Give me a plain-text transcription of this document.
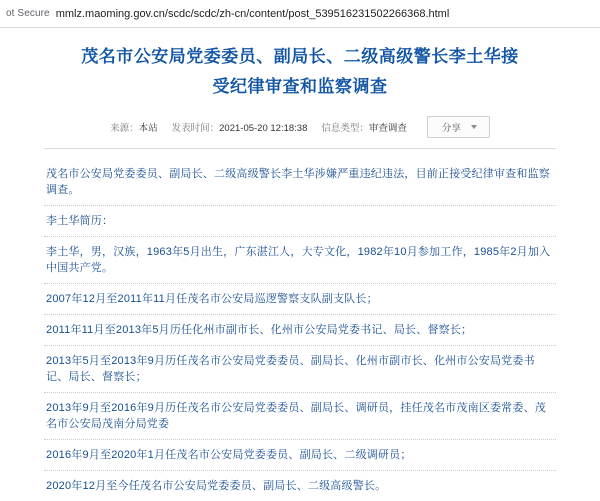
ot Secure mmlz.maoming.gov.cn/scdc/scdc/zh-cn/content/post_539516231502266368.html
茂名市公安局党委委员、副局长、二级高级警长李土华接
受纪律审查和监察调查
来源：本站 发表时间：2021-05-20 12:18:38 信息类型：审查调查	分享
茂名市公安局党委委员、副局长、二级高级警长李土华涉嫌严重违纪违法，目前正接受纪律审查和监察调查。
李土华简历：
李土华，男，汉族，1963年5月出生，广东湛江人，大专文化，1982年10月参加工作，1985年2月加入中国共产党。
2007年12月至2011年11月任茂名市公安局巡逻警察支队副支队长；
2011年11月至2013年5月历任化州市副市长、化州市公安局党委书记、局长、督察长；
2013年5月至2013年9月历任茂名市公安局党委委员、副局长、化州市副市长、化州市公安局党委书记、局长、督察长；
2013年9月至2016年9月历任茂名市公安局党委委员、副局长、调研员，挂任茂名市茂南区委常委、茂名市公安局茂南分局党委
2016年9月至2020年1月任茂名市公安局党委委员、副局长、二级调研员；
2020年12月至今任茂名市公安局党委委员、副局长、二级高级警长。
